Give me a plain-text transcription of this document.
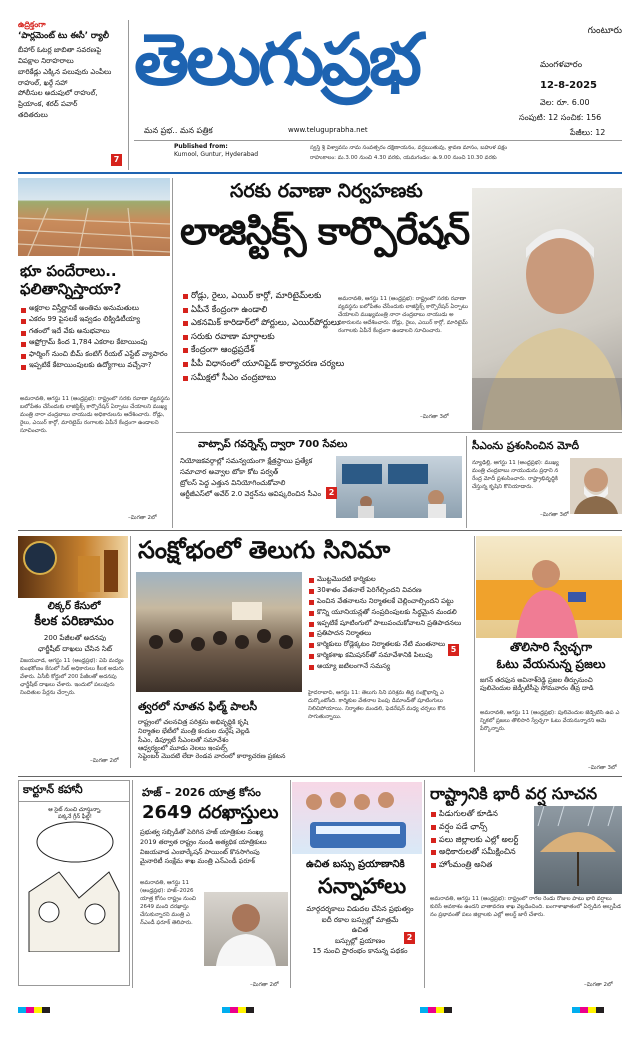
ఉద్రిక్తంగా
‘పార్లమెంట్ టు ఈసీ’ ర్యాలీ
బీహార్ ఓటర్ల జాబితా సవరణపై
విపక్షాల నిరాహరాలు
బారికేడ్లు ఎక్కిన పలువురు ఎంపీలు
రాహుల్, ఖర్గే సహా
పోలీసుల అదుపులో రాహుల్,
ప్రియాంక, శరద్ పవార్
తదితరులు
7
తెలుగుప్రభ
మన ప్రభ.. మన పత్రిక	www.teluguprabha.net
గుంటూరు
మంగళవారం
12-8-2025
వెల: రూ. 6.00
సంపుటి: 12 సంచిక: 156
పేజీలు: 12
Published from:
Kurnool, Guntur, Hyderabad
స్వస్తి శ్రీ విశ్వావసు నామ సంవత్సరం దక్షిణాయనం, వర్షఋతువు, శ్రావణ మాసం, బహుళ పక్షం
రాహుకాలం: మ.3.00 నుంచి 4.30 వరకు, యమగండం: ఉ.9.00 నుంచి 10.30 వరకు
భూ పందేరాలు..
ఫలితాన్నిస్తాయా?
అక్షరాల విస్తీర్ణానికే అంతిమ అనుమతులు
ఎకరం 99 పైసలకే ఇవ్వడం లిక్విడిటీయ్యా
గతంలో ఇదే వేకు అనుభవాలు
ఆఫ్రోగ్రామ్ కింద 1,784 ఎకరాల కేటాయింపు
ఫార్మింగ్ నుంచి బీమ్ కంటిగ్ రీయల్ ఎస్టేట్ వ్యాపారం
ఇప్పటికే కేటాయింపులకు ఉద్యోగాలు వచ్చేనా?
అమరావతి, ఆగస్టు 11 (ఆంధ్రప్రభ): రాష్ట్రంలో సరకు రవాణా వ్యవస్థను బలోపేతం చేసేందుకు లాజిస్టిక్స్ కార్పొరేషన్ ఏర్పాటు చేయాలని ముఖ్యమంత్రి నారా చంద్రబాబు నాయుడు అధికారులను ఆదేశించారు. రోడ్లు, రైలు, ఎయిర్ కార్గో, మారిటైమ్ రంగాలకు ఏపీనే కేంద్రంగా ఉండాలని సూచించారు.
–మిగతా 2లో
సరకు రవాణా నిర్వహణకు
లాజిస్టిక్స్ కార్పొరేషన్
రోడ్లు, రైలు, ఎయిర్ కార్గో, మారిటైమ్‌లకు
ఏపీనే కేంద్రంగా ఉండాలి
ఎకనమిక్ కారిడార్‌లో పోర్టులు, ఎయిర్‌పోర్టులు
సరుకు రవాణా మార్గాలకు
కేంద్రంగా ఆంధ్రప్రదేశ్
పీపీ విధానంలో యూనిఫైడ్ కార్యాచరణ చర్యలు
సమీక్షలో సీఎం చంద్రబాబు
అమరావతి, ఆగస్టు 11 (ఆంధ్రప్రభ): రాష్ట్రంలో సరకు రవాణా వ్యవస్థను బలోపేతం చేసేందుకు లాజిస్టిక్స్ కార్పొరేషన్ ఏర్పాటు చేయాలని ముఖ్యమంత్రి నారా చంద్రబాబు నాయుడు అధికారులను ఆదేశించారు. రోడ్లు, రైలు, ఎయిర్ కార్గో, మారిటైమ్ రంగాలకు ఏపీనే కేంద్రంగా ఉండాలని సూచించారు.
–మిగతా 3లో
వాట్సాప్ గవర్నెన్స్ ద్వారా 700 సేవలు
నియోజకవర్గాల్లో సమన్వయంగా క్షేత్రస్థాయి ప్రత్యేక
సమాచార అవ్వాల టోకా కోట పర్వత్
ట్రోలస్ పెద్ద ఎత్తున వినియోగించుకోవాలి
ఆర్టీజీఎస్‌లో అవేర్ 2.0 వెర్షన్‌ను ఆవిష్కరించిన సీఎం 2
సీఎంను ప్రశంసించిన మోదీ
న్యూఢిల్లీ, ఆగస్టు 11 (ఆంధ్రప్రభ): ముఖ్యమంత్రి చంద్రబాబు నాయుడును ప్రధాని నరేంద్ర మోదీ ప్రశంసించారు. రాష్ట్రాభివృద్ధికి చేస్తున్న కృషిని కొనియాడారు.
–మిగతా 3లో
లిక్కర్ కేసులో
కీలక పరిణామం
200 పేజీలతో అదనపు
ఛార్జీషీట్ దాఖలు చేసిన సిట్
విజయవాడ, ఆగస్టు 11 (ఆంధ్రప్రభ): ఏపీ మద్యం కుంభకోణం కేసులో సిట్ అధికారులు కీలక అడుగు వేశారు. ఏసీబీ కోర్టులో 200 పేజీలతో అదనపు ఛార్జీషీట్ దాఖలు చేశారు. ఇందులో పలువురు నిందితుల పేర్లను చేర్చారు.
–మిగతా 2లో
సంక్షోభంలో తెలుగు సినిమా
మొట్టమొదటి కార్మికుల
30శాతం వేతనాలే పెరిగేల్సిందని వివరణ
పెంచిన వేతనాలను నిర్మాతలకే చెల్లించాల్సిందని పట్టు
కొన్ని యూనియన్లతో సంప్రదింపులకు సిద్ధమైన మండలి
ఇప్పటికే షూటింగులో పాలుపంచుకోవాలని ప్రతిపాదనలు
ప్రతిపాదన నిర్మాతలు
కార్మికులు రోడ్లెక్కటం నిర్మాతలకు నేటి మంతనాలు
కార్మికశాఖ కమిషనర్‌తో సమావేశానికి పిలుపు
అయ్యా జటిలంగానే సమస్య
5
త్వరలో నూతన ఫిల్మ్ పాలసీ
రాష్ట్రంలో చలనచిత్ర పరిశ్రమ అభివృద్ధికి కృషి
నిర్మాతల భేటీలో మంత్రి కందుల దుర్గేష్ వెల్లడి
సీఎం, డిప్యూటీ సీఎంలతో సమావేశం
ఆధ్వర్యంలో మూడు నెలలు ఇంపల్స్
సెప్టెంబర్ మొదటి లేదా రెండవ వారంలో కార్యాచరణ ప్రకటన
హైదరాబాద్, ఆగస్టు 11: తెలుగు సినీ పరిశ్రమ తీవ్ర సంక్షోభాన్ని ఎదుర్కొంటోంది. కార్మికుల వేతనాల పెంపు డిమాండ్‌తో షూటింగులు నిలిచిపోయాయి. నిర్మాతల మండలి, ఫెడరేషన్ మధ్య చర్చలు కొనసాగుతున్నాయి.
తొలిసారి స్వేచ్ఛగా
ఓటు వేయనున్న ప్రజలు
జగన్ తరఫున అవినాశ్‌రెడ్డి ప్రజల తీర్పునుంచి పులివెందుల జెడ్పీటీసీపై సోమవారం తీవ్ర దాడి
అమరావతి, ఆగస్టు 11 (ఆంధ్రప్రభ): పులివెందుల జెడ్పీటీసీ ఉప ఎన్నికలో ప్రజలు తొలిసారి స్వేచ్ఛగా ఓటు వేయనున్నారని ఆమె పేర్కొన్నారు.
–మిగతా 3లో
కార్టూన్ కహానీ
ఆ సైట్ నుంచి చూస్తున్నా, పక్కనే గ్రీన్ ఫీల్డ్!
హజ్ – 2026 యాత్ర కోసం
2649 దరఖాస్తులు
ప్రభుత్వ సబ్సిడీతో పెరిగిన హజ్ యాత్రికుల సంఖ్య
2019 తర్వాత రాష్ట్రం నుండి అత్యధిక యాత్రికులు
విజయవాడ ఎంబార్కేషన్ పాయింట్ కొనసాగింపు
మైనారిటీ సంక్షేమ శాఖ మంత్రి ఎన్ఎండీ ఫరూక్
అమరావతి, ఆగస్టు 11 (ఆంధ్రప్రభ): హజ్–2026 యాత్ర కోసం రాష్ట్రం నుంచి 2649 మంది దరఖాస్తు చేసుకున్నారని మంత్రి ఎన్ఎండీ ఫరూక్ తెలిపారు.
–మిగతా 2లో
ఉచిత బస్సు ప్రయాణానికి
సన్నాహాలు
మార్గదర్శకాలు విడుదల చేసిన ప్రభుత్వం
ఐదీ రకాల బస్సుల్లో మాత్రమే
ఉచిత
బస్సుల్లో ప్రయాణం
15 నుంచి ప్రారంభం కానున్న పథకం
2
రాష్ట్రానికి భారీ వర్ష సూచన
పిడుగులతో కూడిన
వర్షం పడే ఛాన్స్
పలు జిల్లాలకు ఎల్లో అలర్ట్
అధికారులతో సమీక్షించిన
హోంమంత్రి అనిత
అమరావతి, ఆగస్టు 11 (ఆంధ్రప్రభ): రాష్ట్రంలో రాగల రెండు రోజుల పాటు భారీ వర్షాలు కురిసే అవకాశం ఉందని వాతావరణ శాఖ వెల్లడించింది. బంగాళాఖాతంలో ఏర్పడిన అల్పపీడనం ప్రభావంతో పలు జిల్లాలకు ఎల్లో అలర్ట్ జారీ చేశారు.
–మిగతా 2లో
